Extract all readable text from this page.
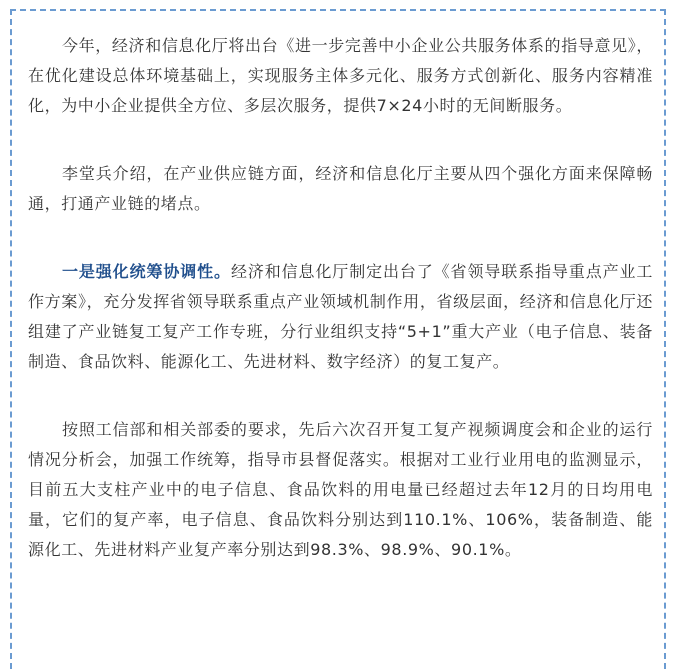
今年，经济和信息化厅将出台《进一步完善中小企业公共服务体系的指导意见》，在优化建设总体环境基础上，实现服务主体多元化、服务方式创新化、服务内容精准化，为中小企业提供全方位、多层次服务，提供7×24小时的无间断服务。

李堂兵介绍，在产业供应链方面，经济和信息化厅主要从四个强化方面来保障畅通，打通产业链的堵点。

一是强化统筹协调性。经济和信息化厅制定出台了《省领导联系指导重点产业工作方案》，充分发挥省领导联系重点产业领域机制作用，省级层面，经济和信息化厅还组建了产业链复工复产工作专班，分行业组织支持“5+1”重大产业（电子信息、装备制造、食品饮料、能源化工、先进材料、数字经济）的复工复产。

按照工信部和相关部委的要求，先后六次召开复工复产视频调度会和企业的运行情况分析会，加强工作统筹，指导市县督促落实。根据对工业行业用电的监测显示，目前五大支柱产业中的电子信息、食品饮料的用电量已经超过去年12月的日均用电量，它们的复产率，电子信息、食品饮料分别达到110.1%、106%，装备制造、能源化工、先进材料产业复产率分别达到98.3%、98.9%、90.1%。
